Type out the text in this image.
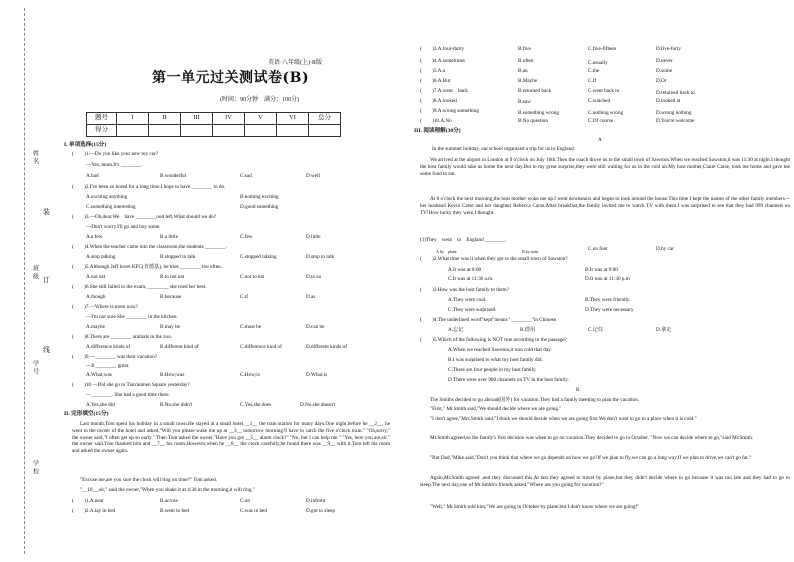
姓名
班级
学号
学校
装
订
线
英语·八年级(上)·R版
第一单元过关测试卷(B)
(时间：90分钟　满分：100分)
题号	I	II	III	IV	V	VI	总分
得分							
I. 单项选择(15分)
(　　)1.—Do you like your new toy car?
—Yes, mom.It's ________.
A.bad	B.wonderful	C.sad	D.well
(　　)2.I've been so bored for a long time.I hope to have ________ to do.
A.exciting anything	B.nothing exciting
C.something interesting	D.good something
(　　)3.—Oh,dear.We　have ________ood left.What should we do?
—Don't worry.I'll go and buy some.
A.a few	B.a little	C.few	D.little
(　　)4.When the teacher came into the classroom,the students ________.
A.stop talking	B.stopped to talk	C.stopped talking	D.stop to talk
(　　)5.Although Jeff loves KFC(肯德基), he tries ________ too often.
A.not eat	B.to not eat	C.not to eat	D.to ea
(　　)6.She still failed in the exam, ________ she tried her best.
A.though	B.because	C.if	D.as
(　　)7.—Where is mom now?
—I'm not sure.She ________ in the kitchen.
A.maybe	B.may be	C.must be	D.can be
(　　)8.There are ________ animals in the zoo.
A.difference kinds of	B.different kind of	C.difference kind of	D.different kinds of
(　　)9.—________ was their vacation?
—It ________ great.
A.What;was	B.How;was	C.How;is	D.What;is
(　　)10.—Did she go to Tian'anmen Square yesterday?
—________. She had a good time there.
A.Yes,she did	B.No,she didn't	C.Yes,she does	D.No,she doesn't
II. 完形填空(15分)
Last month,Tom spent his holiday in a small town.He stayed at a small hotel.__1__ the train station for many days.One night,before he __2__, he went to the owner of the hotel and asked,"Will you please wake me up at __3__ tomorrow morning?I have to catch the five o'clock train." "Oh,sorry," the owner said,"I often get up so early." Then Tom asked the owner,"Have you got __5__ alarm clock?" "No, but I can help me." "Yes, here you are,sir." the owner said.Tom thanked him and __7__ his room.However,when he __8__ the clock carefully,he found there was __9__ with it.Tom left his room and asked the owner again.
"Excuse me,are you sure the clock will ring on time?" Tom asked.
"__10__,sir," said the owner,"When you shake it at 4:30 in the morning,it will ring."
(　　)1.A.near	B.across	C.on	D.infront
(　　)2.A.lay in bed	B.went to bed	C.was in bed	D.got to sleep
(　　)3.A.four-thirty	B.five	C.five-fifteen	D.five-forty
(　　)4.A.sometimes	B.often	C.usually	D.never
(　　)5.A.a	B.an	C.the	D.some
(　　)6.A.But	B.Maybe	C.If	D.Or
(　　)7.A.went　back	B.returned back	C.went back to	D.returned back to
(　　)8.A.looked	B.saw	C.watched	D.looked at
(　　)9.A.wrong something	B.something wrong	C.nothing wrong	D.wrong nothing
(　　)10.A.No	B.No question	C.Of course	D.You're welcome
III. 阅读理解(30分)
A
In the summer holiday, our school organized a trip for us to England.
We arrived at the airport in London at 9 o'clock on July 16th.Then the coach drove us to the small town of Sawston.When we reached Sawston,it was 11:30 at night.I thought the host family would take us home the next day.But to my great surprise,they were still waiting for us in the cold air.My host mother,Claire Carse, took me home and gave me some food to eat.
At 8 o'clock the next morning,the host mother woke me up.I went downstairs and began to look around the house.This time I kept the names of the other family members—her husband Kevin Carse and her daughter Rebecca Carse.After breakfast,the family invited me to watch TV with them.I was surprised to see that they had 999 channels on TV!How lucky they were,I thought.
(1)They　went　to　England ________.
A.by　plane	B.by train	C.on foot	D.by car
(　　)2.What time was it when they got to the small town of Sawston?
A.It was at 8:00	B.It was at 9:00
C.It was at 11:30 a.m.	D.It was at 11:30 p.m
(　　)3.How was the host family to them?
A.They were cool.	B.They were friendly.
C.They were surprised.	D.They were necessary
(　　)4.The underlined word"kept"means" ________"in Chinese.
A.忘记	B.借用	C.记住	D.拿走
(　　)5.Which of the following is NOT true according to the passage?
A.When we reached Sawston,it was cold that day.
B.I was surprised to what my host family did.
C.There are four people in my host family.
D.There were over 900 channels on TV in the host family.
B
The Smiths decided to go abroad(国外) for vacation.They had a family meeting to plan the vacation.
"First," Mr.Smith said,"We should decide where we are going."
"I don't agree,"Mrs.Smith said,"I think we should decide when we are going first.We don't want to go to a place when it is cold."
Mr.Smith agreed,so the family's first decision was when to go on vacation.They decided to go in October. "Now we can decide where to go,"said Mr.Smith.
"But Dad,"Mike said,"Don't you think that where we go depends on how we go?If we plan to fly,we can go a long way.If we plan to drive,we can't go far."
Again,Mr.Smith agreed ,and they discussed this.At last they agreed to travel by plane,but they didn't decide where to go because it was too late and they had to go to sleep.The next day,one of Mr.Smith's friends asked,"Where are you going for vacation?"
"Well," Mr.Smith told him,"We are going in October by plane,but I don't know where we are going!"
